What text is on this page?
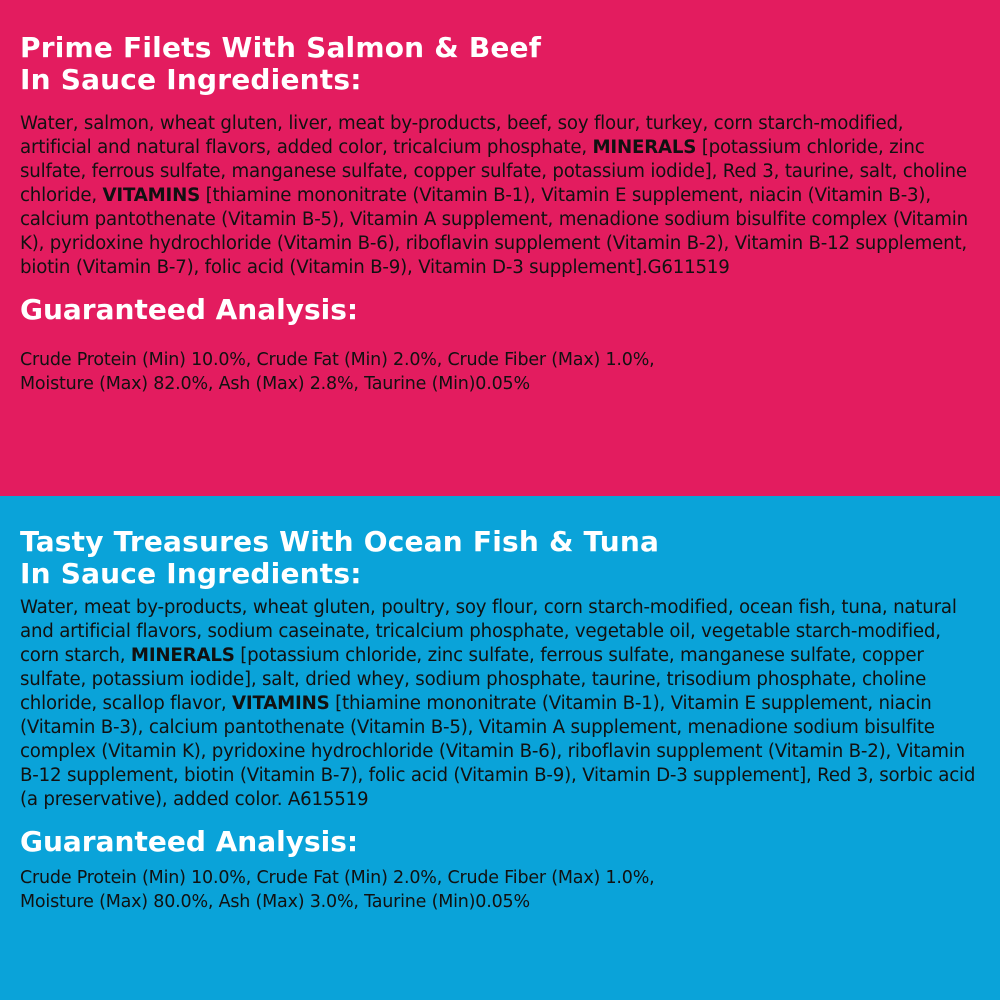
Prime Filets With Salmon & Beef
In Sauce Ingredients:

Water, salmon, wheat gluten, liver, meat by-products, beef, soy flour, turkey, corn starch-modified, artificial and natural flavors, added color, tricalcium phosphate, MINERALS [potassium chloride, zinc sulfate, ferrous sulfate, manganese sulfate, copper sulfate, potassium iodide], Red 3, taurine, salt, choline chloride, VITAMINS [thiamine mononitrate (Vitamin B-1), Vitamin E supplement, niacin (Vitamin B-3), calcium pantothenate (Vitamin B-5), Vitamin A supplement, menadione sodium bisulfite complex (Vitamin K), pyridoxine hydrochloride (Vitamin B-6), riboflavin supplement (Vitamin B-2), Vitamin B-12 supplement, biotin (Vitamin B-7), folic acid (Vitamin B-9), Vitamin D-3 supplement].G611519

Guaranteed Analysis:

Crude Protein (Min) 10.0%, Crude Fat (Min) 2.0%, Crude Fiber (Max) 1.0%,
Moisture (Max) 82.0%, Ash (Max) 2.8%, Taurine (Min)0.05%

Tasty Treasures With Ocean Fish & Tuna
In Sauce Ingredients:

Water, meat by-products, wheat gluten, poultry, soy flour, corn starch-modified, ocean fish, tuna, natural and artificial flavors, sodium caseinate, tricalcium phosphate, vegetable oil, vegetable starch-modified, corn starch, MINERALS [potassium chloride, zinc sulfate, ferrous sulfate, manganese sulfate, copper sulfate, potassium iodide], salt, dried whey, sodium phosphate, taurine, trisodium phosphate, choline chloride, scallop flavor, VITAMINS [thiamine mononitrate (Vitamin B-1), Vitamin E supplement, niacin (Vitamin B-3), calcium pantothenate (Vitamin B-5), Vitamin A supplement, menadione sodium bisulfite complex (Vitamin K), pyridoxine hydrochloride (Vitamin B-6), riboflavin supplement (Vitamin B-2), Vitamin B-12 supplement, biotin (Vitamin B-7), folic acid (Vitamin B-9), Vitamin D-3 supplement], Red 3, sorbic acid (a preservative), added color. A615519

Guaranteed Analysis:

Crude Protein (Min) 10.0%, Crude Fat (Min) 2.0%, Crude Fiber (Max) 1.0%,
Moisture (Max) 80.0%, Ash (Max) 3.0%, Taurine (Min)0.05%
